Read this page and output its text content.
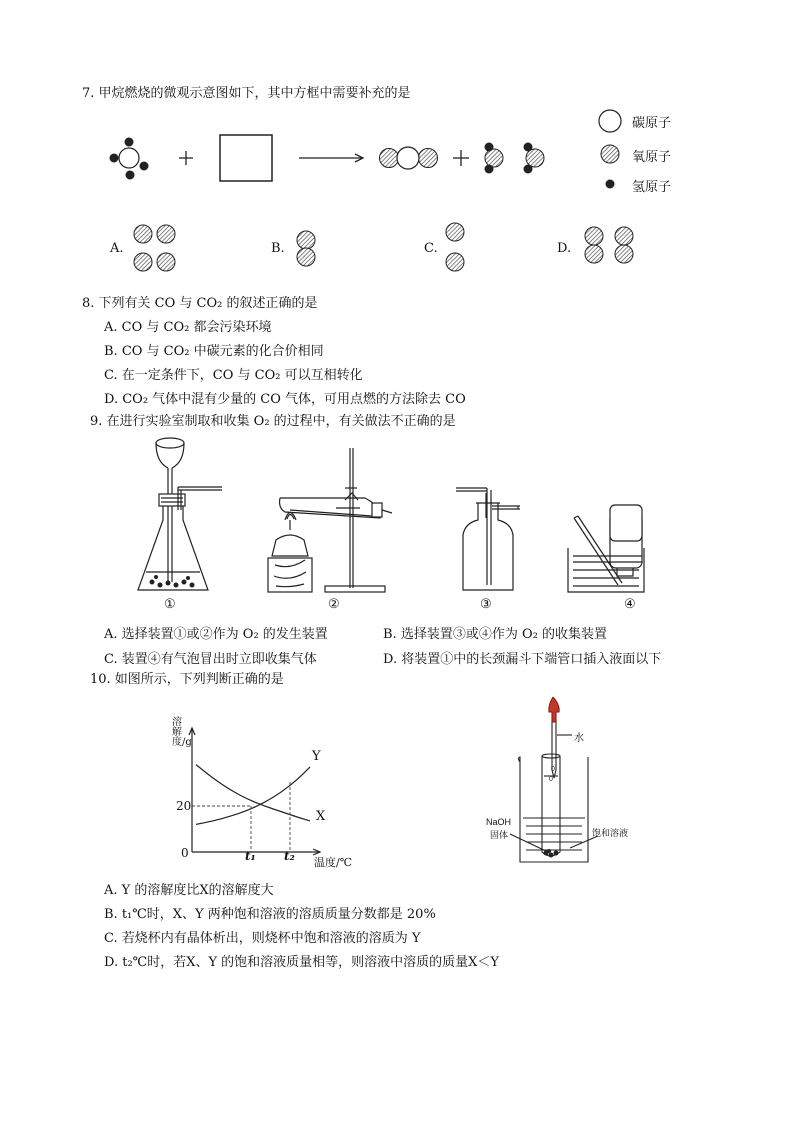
7. 甲烷燃烧的微观示意图如下，其中方框中需要补充的是
碳原子
氧原子
氢原子
A.	B.	C.	D.
8. 下列有关 CO 与 CO₂ 的叙述正确的是
A. CO 与 CO₂ 都会污染环境
B. CO 与 CO₂ 中碳元素的化合价相同
C. 在一定条件下，CO 与 CO₂ 可以互相转化
D. CO₂ 气体中混有少量的 CO 气体，可用点燃的方法除去 CO
9. 在进行实验室制取和收集 O₂ 的过程中，有关做法不正确的是
①	②	③	④
A. 选择装置①或②作为 O₂ 的发生装置	B. 选择装置③或④作为 O₂ 的收集装置
C. 装置④有气泡冒出时立即收集气体	D. 将装置①中的长颈漏斗下端管口插入液面以下
10. 如图所示，下列判断正确的是
溶解度/g
20
0	t₁ t₂ 温度/℃
Y
X
0
0
水
NaOH
固体	饱和溶液
A. Y 的溶解度比X的溶解度大
B. t₁℃时，X、Y 两种饱和溶液的溶质质量分数都是 20%
C. 若烧杯内有晶体析出，则烧杯中饱和溶液的溶质为 Y
D. t₂℃时，若X、Y 的饱和溶液质量相等，则溶液中溶质的质量X＜Y
